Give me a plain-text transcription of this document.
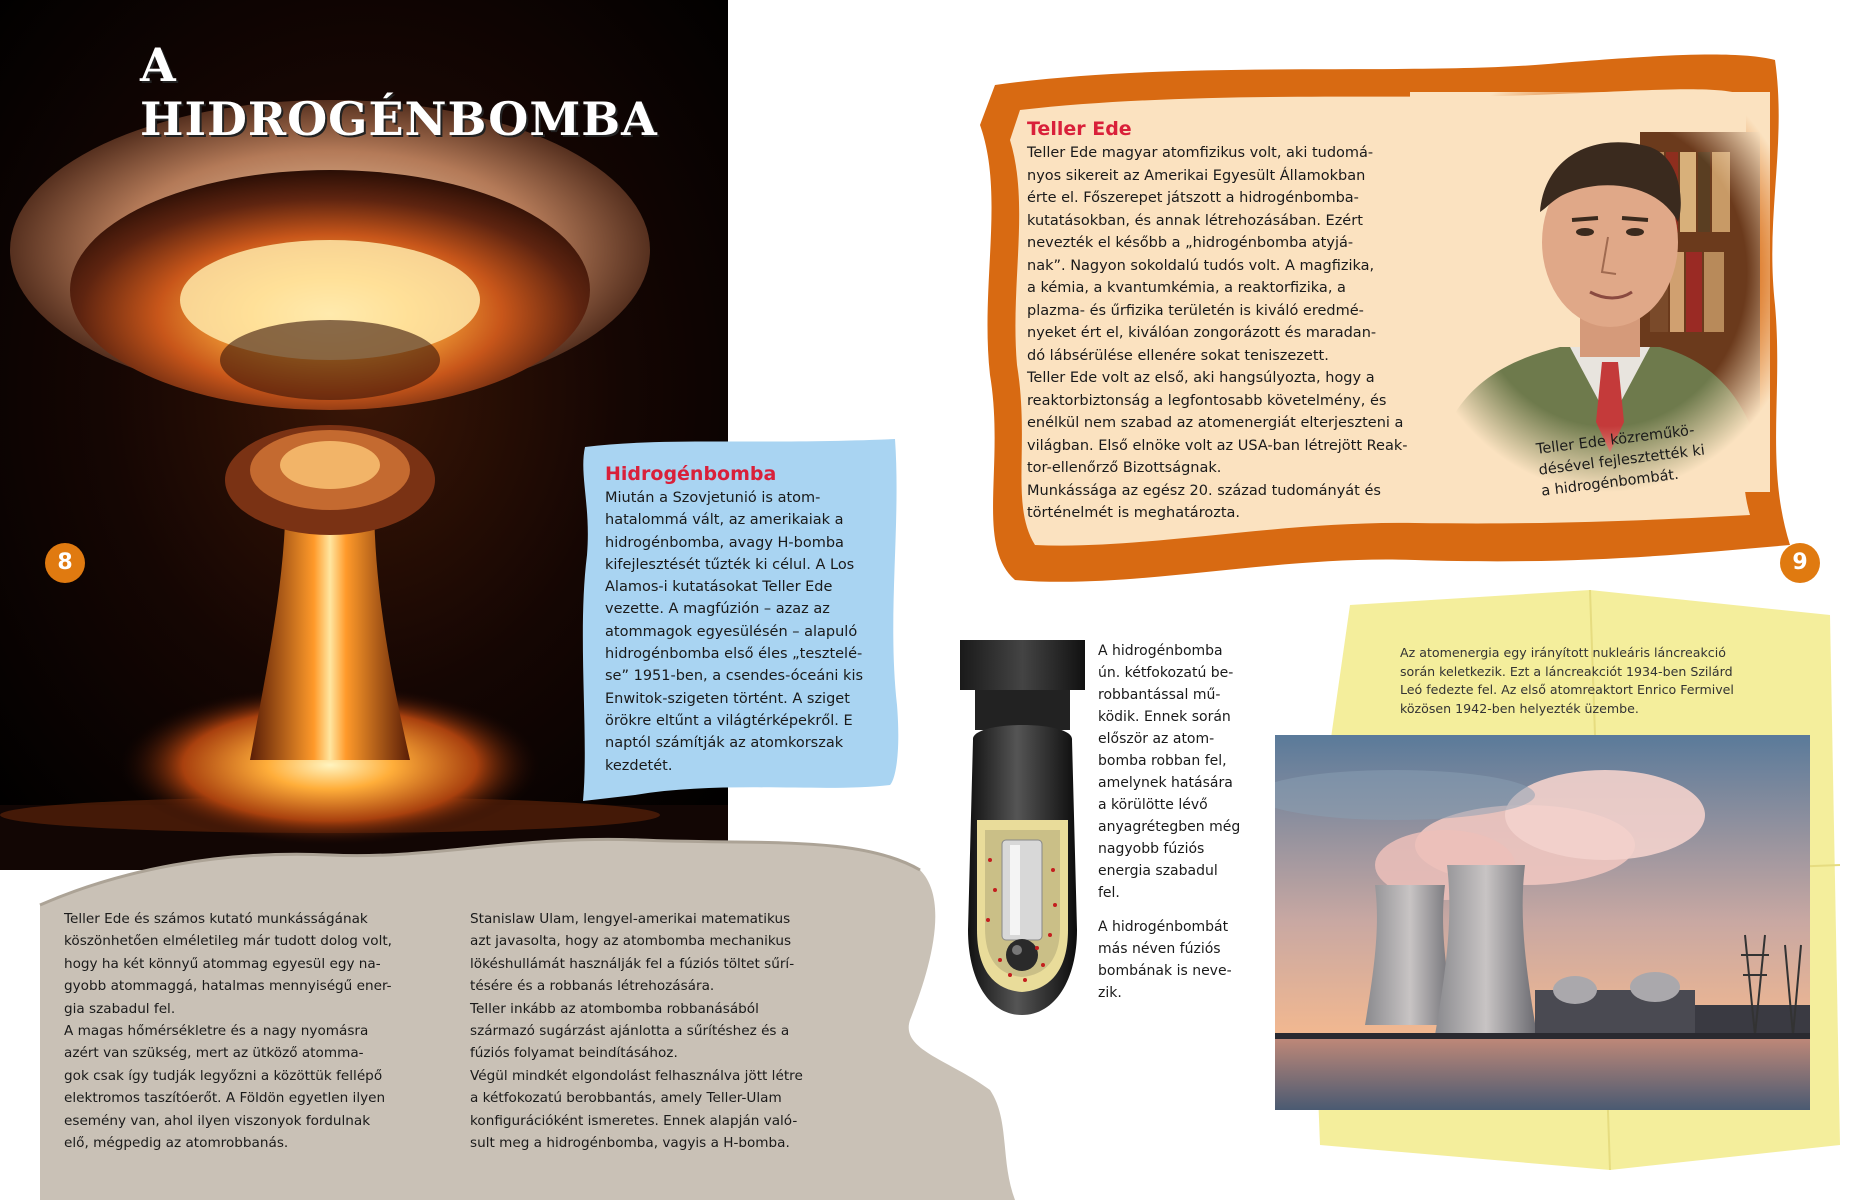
A HIDROGÉNBOMBA
8	9

Teller Ede és számos kutató munkásságának
köszönhetően elméletileg már tudott dolog volt,
hogy ha két könnyű atommag egyesül egy na-
gyobb atommaggá, hatalmas mennyiségű ener-
gia szabadul fel.
A magas hőmérsékletre és a nagy nyomásra
azért van szükség, mert az ütköző atomma-
gok csak így tudják legyőzni a közöttük fellépő
elektromos taszítóerőt. A Földön egyetlen ilyen
esemény van, ahol ilyen viszonyok fordulnak
elő, mégpedig az atomrobbanás.

Stanislaw Ulam, lengyel-amerikai matematikus
azt javasolta, hogy az atombomba mechanikus
lökéshullámát használják fel a fúziós töltet sűrí-
tésére és a robbanás létrehozására.
Teller inkább az atombomba robbanásából
származó sugárzást ajánlotta a sűrítéshez és a
fúziós folyamat beindításához.
Végül mindkét elgondolást felhasználva jött létre
a kétfokozatú berobbantás, amely Teller-Ulam
konfigurációként ismeretes. Ennek alapján való-
sult meg a hidrogénbomba, vagyis a H-bomba.

Hidrogénbomba

Miután a Szovjetunió is atom-
hatalommá vált, az amerikaiak a
hidrogénbomba, avagy H-bomba
kifejlesztését tűzték ki célul. A Los
Alamos-i kutatásokat Teller Ede
vezette. A magfúzión – azaz az
atommagok egyesülésén – alapuló
hidrogénbomba első éles „tesztelé-
se” 1951-ben, a csendes-óceáni kis
Enwitok-szigeten történt. A sziget
örökre eltűnt a világtérképekről. E
naptól számítják az atomkorszak
kezdetét.

Teller Ede

Teller Ede magyar atomfizikus volt, aki tudomá-
nyos sikereit az Amerikai Egyesült Államokban
érte el. Főszerepet játszott a hidrogénbomba-
kutatásokban, és annak létrehozásában. Ezért
nevezték el később a „hidrogénbomba atyjá-
nak”. Nagyon sokoldalú tudós volt. A magfizika,
a kémia, a kvantumkémia, a reaktorfizika, a
plazma- és űrfizika területén is kiváló eredmé-
nyeket ért el, kiválóan zongorázott és maradan-
dó lábsérülése ellenére sokat teniszezett.
Teller Ede volt az első, aki hangsúlyozta, hogy a
reaktorbiztonság a legfontosabb követelmény, és
enélkül nem szabad az atomenergiát elterjeszteni a
világban. Első elnöke volt az USA-ban létrejött Reak-
tor-ellenőrző Bizottságnak.
Munkássága az egész 20. század tudományát és
történelmét is meghatározta.

Teller Ede közreműkö-
désével fejlesztették ki
a hidrogénbombát.

A hidrogénbomba
ún. kétfokozatú be-
robbantással mű-
ködik. Ennek során
először az atom-
bomba robban fel,
amelynek hatására
a körülötte lévő
anyagrétegben még
nagyobb fúziós
energia szabadul
fel.

A hidrogénbombát
más néven fúziós
bombának is neve-
zik.

Az atomenergia egy irányított nukleáris láncreakció
során keletkezik. Ezt a láncreakciót 1934-ben Szilárd
Leó fedezte fel. Az első atomreaktort Enrico Fermivel
közösen 1942-ben helyezték üzembe.
